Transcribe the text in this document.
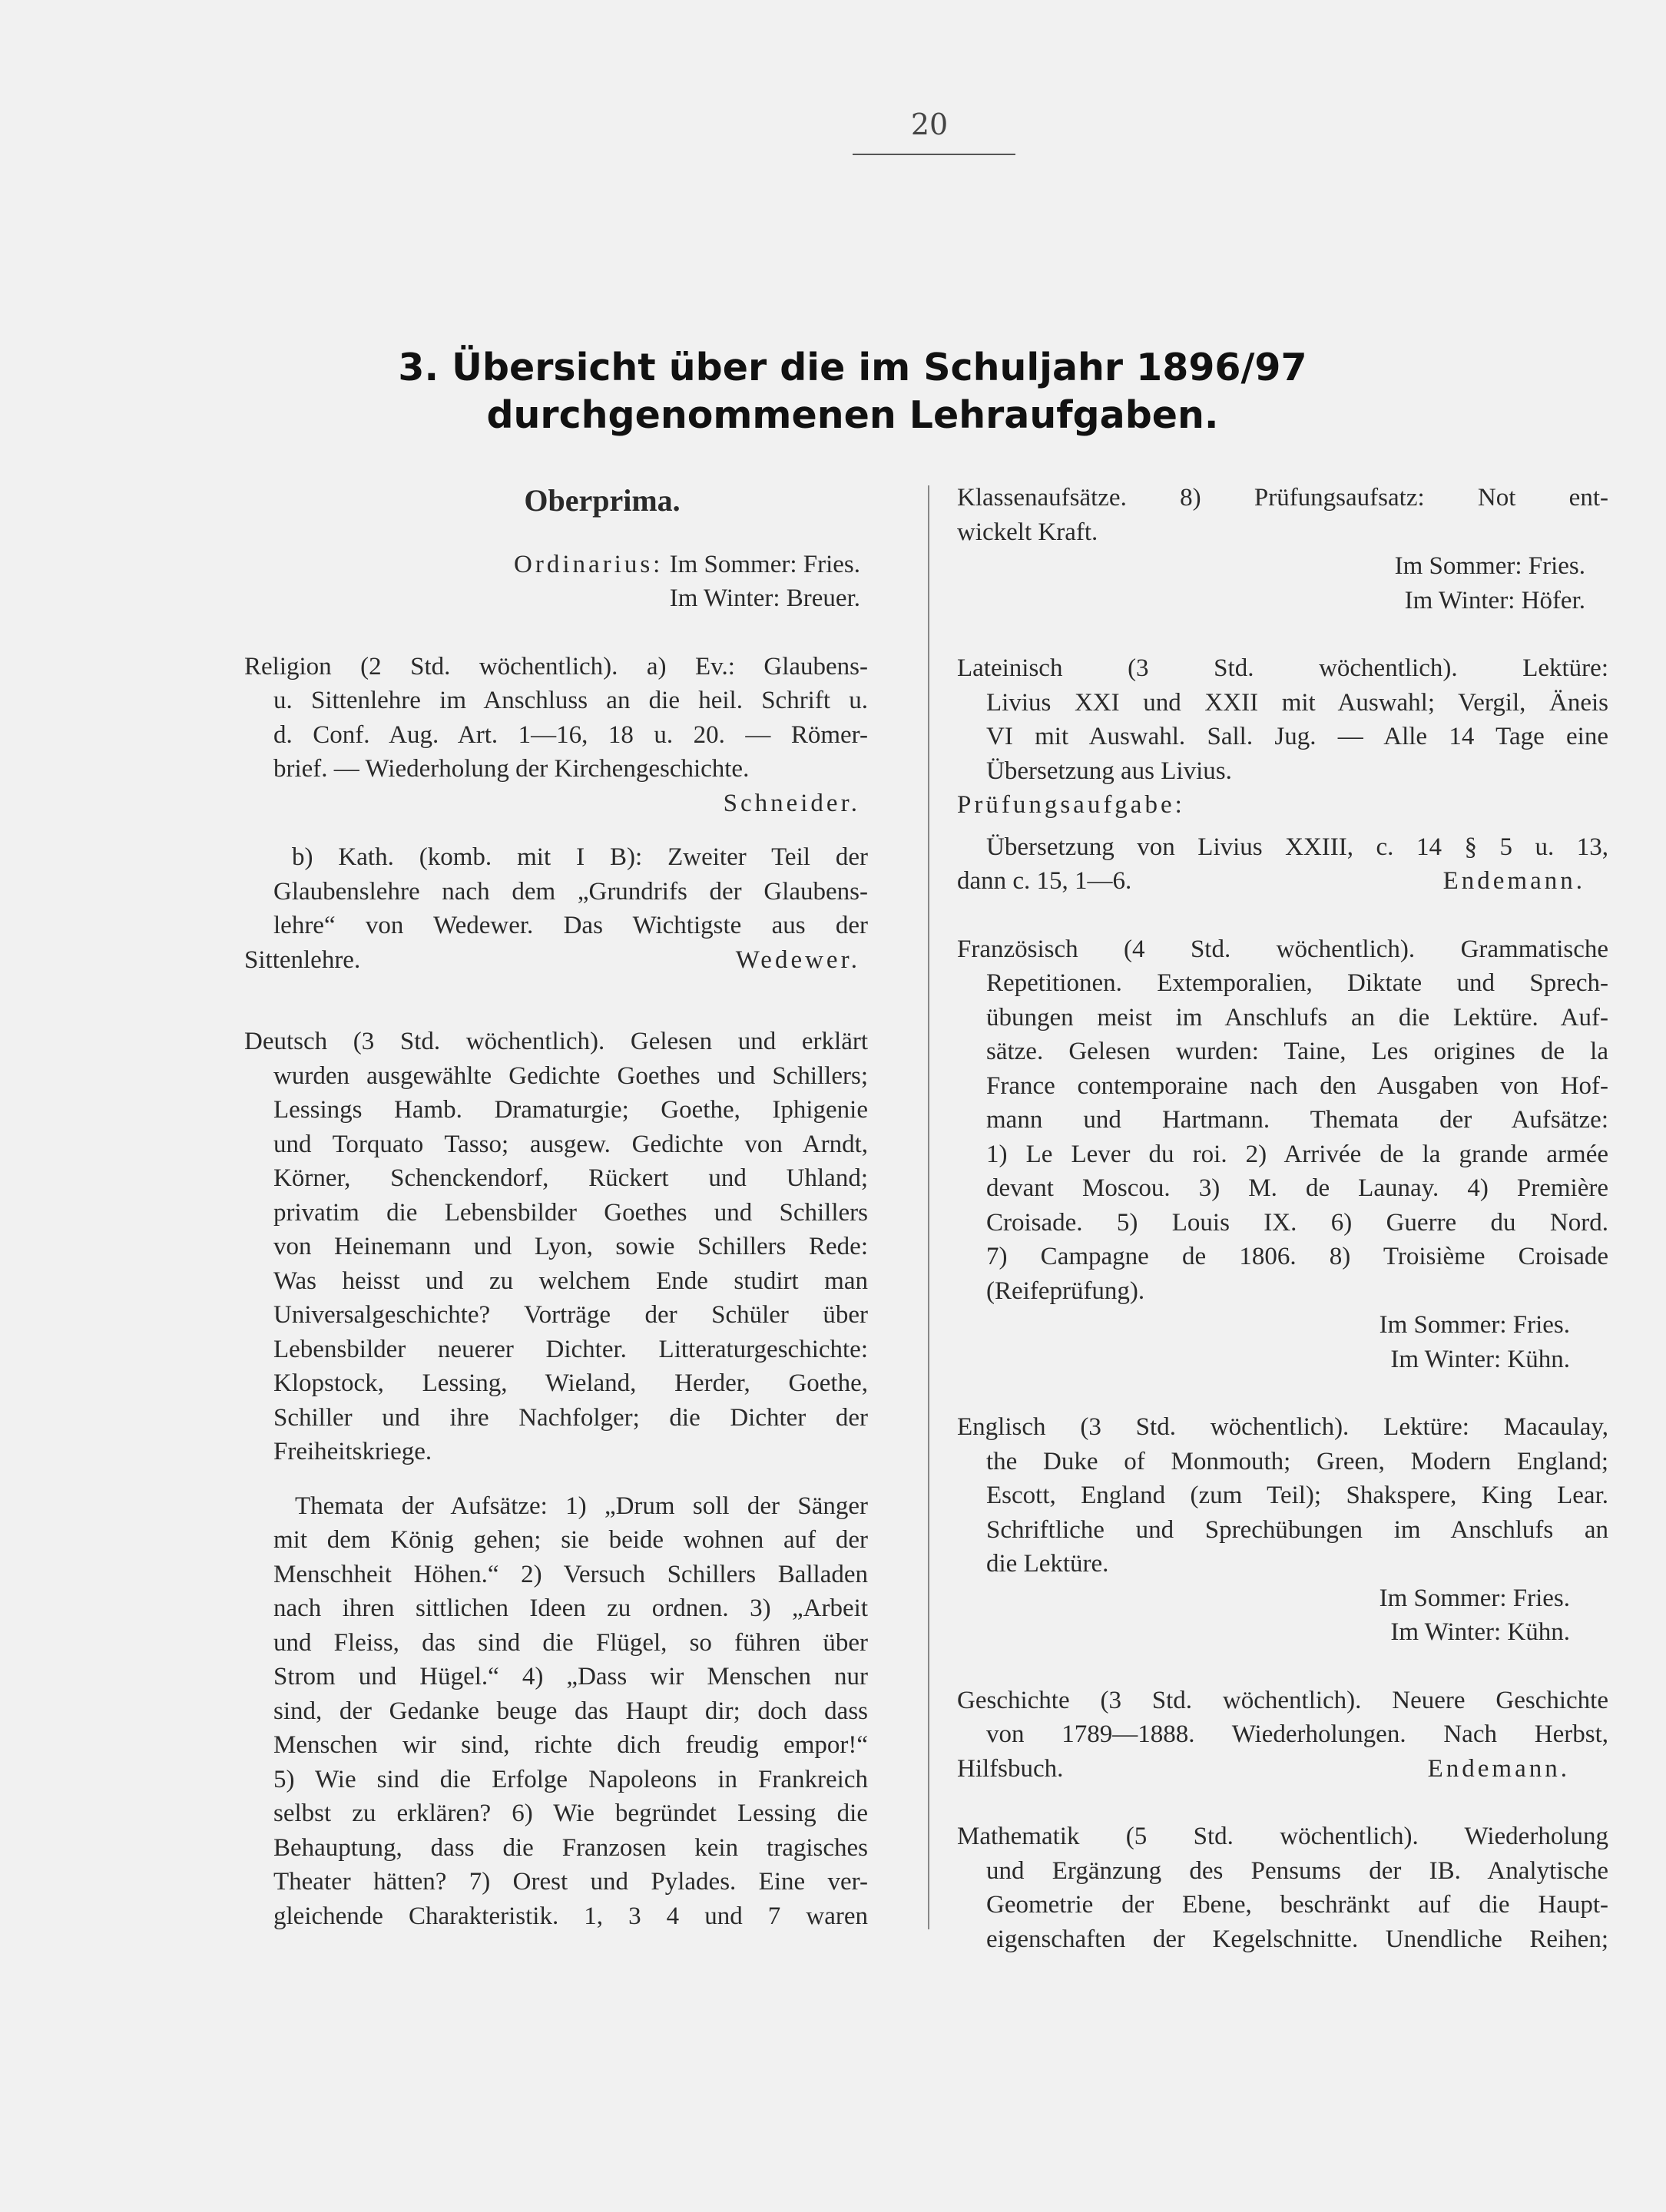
20
3. Übersicht über die im Schuljahr 1896/97
durchgenommenen Lehraufgaben.
Oberprima.
Ordinarius: Im Sommer: Fries.
Im Winter: Breuer.
Religion (2 Std. wöchentlich). a) Ev.: Glaubens-
u. Sittenlehre im Anschluss an die heil. Schrift u.
d. Conf. Aug. Art. 1—16, 18 u. 20. — Römer-
brief. — Wiederholung der Kirchengeschichte.
Schneider.
b) Kath. (komb. mit I B): Zweiter Teil der
Glaubenslehre nach dem „Grundrifs der Glaubens-
lehre“ von Wedewer. Das Wichtigste aus der
Sittenlehre.	Wedewer.
Deutsch (3 Std. wöchentlich). Gelesen und erklärt
wurden ausgewählte Gedichte Goethes und Schillers;
Lessings Hamb. Dramaturgie; Goethe, Iphigenie
und Torquato Tasso; ausgew. Gedichte von Arndt,
Körner, Schenckendorf, Rückert und Uhland;
privatim die Lebensbilder Goethes und Schillers
von Heinemann und Lyon, sowie Schillers Rede:
Was heisst und zu welchem Ende studirt man
Universalgeschichte? Vorträge der Schüler über
Lebensbilder neuerer Dichter. Litteraturgeschichte:
Klopstock, Lessing, Wieland, Herder, Goethe,
Schiller und ihre Nachfolger; die Dichter der
Freiheitskriege.
Themata der Aufsätze: 1) „Drum soll der Sänger
mit dem König gehen; sie beide wohnen auf der
Menschheit Höhen.“ 2) Versuch Schillers Balladen
nach ihren sittlichen Ideen zu ordnen. 3) „Arbeit
und Fleiss, das sind die Flügel, so führen über
Strom und Hügel.“ 4) „Dass wir Menschen nur
sind, der Gedanke beuge das Haupt dir; doch dass
Menschen wir sind, richte dich freudig empor!“
5) Wie sind die Erfolge Napoleons in Frankreich
selbst zu erklären? 6) Wie begründet Lessing die
Behauptung, dass die Franzosen kein tragisches
Theater hätten? 7) Orest und Pylades. Eine ver-
gleichende Charakteristik. 1, 3 4 und 7 waren
Klassenaufsätze. 8) Prüfungsaufsatz: Not ent-
wickelt Kraft.
Im Sommer: Fries.
Im Winter: Höfer.
Lateinisch (3 Std. wöchentlich). Lektüre:
Livius XXI und XXII mit Auswahl; Vergil, Äneis
VI mit Auswahl. Sall. Jug. — Alle 14 Tage eine
Übersetzung aus Livius.
Prüfungsaufgabe:
Übersetzung von Livius XXIII, c. 14 § 5 u. 13,
dann c. 15, 1—6.	Endemann.
Französisch (4 Std. wöchentlich). Grammatische
Repetitionen. Extemporalien, Diktate und Sprech-
übungen meist im Anschlufs an die Lektüre. Auf-
sätze. Gelesen wurden: Taine, Les origines de la
France contemporaine nach den Ausgaben von Hof-
mann und Hartmann. Themata der Aufsätze:
1) Le Lever du roi. 2) Arrivée de la grande armée
devant Moscou. 3) M. de Launay. 4) Première
Croisade. 5) Louis IX. 6) Guerre du Nord.
7) Campagne de 1806. 8) Troisième Croisade
(Reifeprüfung).
Im Sommer: Fries.
Im Winter: Kühn.
Englisch (3 Std. wöchentlich). Lektüre: Macaulay,
the Duke of Monmouth; Green, Modern England;
Escott, England (zum Teil); Shakspere, King Lear.
Schriftliche und Sprechübungen im Anschlufs an
die Lektüre.
Im Sommer: Fries.
Im Winter: Kühn.
Geschichte (3 Std. wöchentlich). Neuere Geschichte
von 1789—1888. Wiederholungen. Nach Herbst,
Hilfsbuch.	Endemann.
Mathematik (5 Std. wöchentlich). Wiederholung
und Ergänzung des Pensums der IB. Analytische
Geometrie der Ebene, beschränkt auf die Haupt-
eigenschaften der Kegelschnitte. Unendliche Reihen;
